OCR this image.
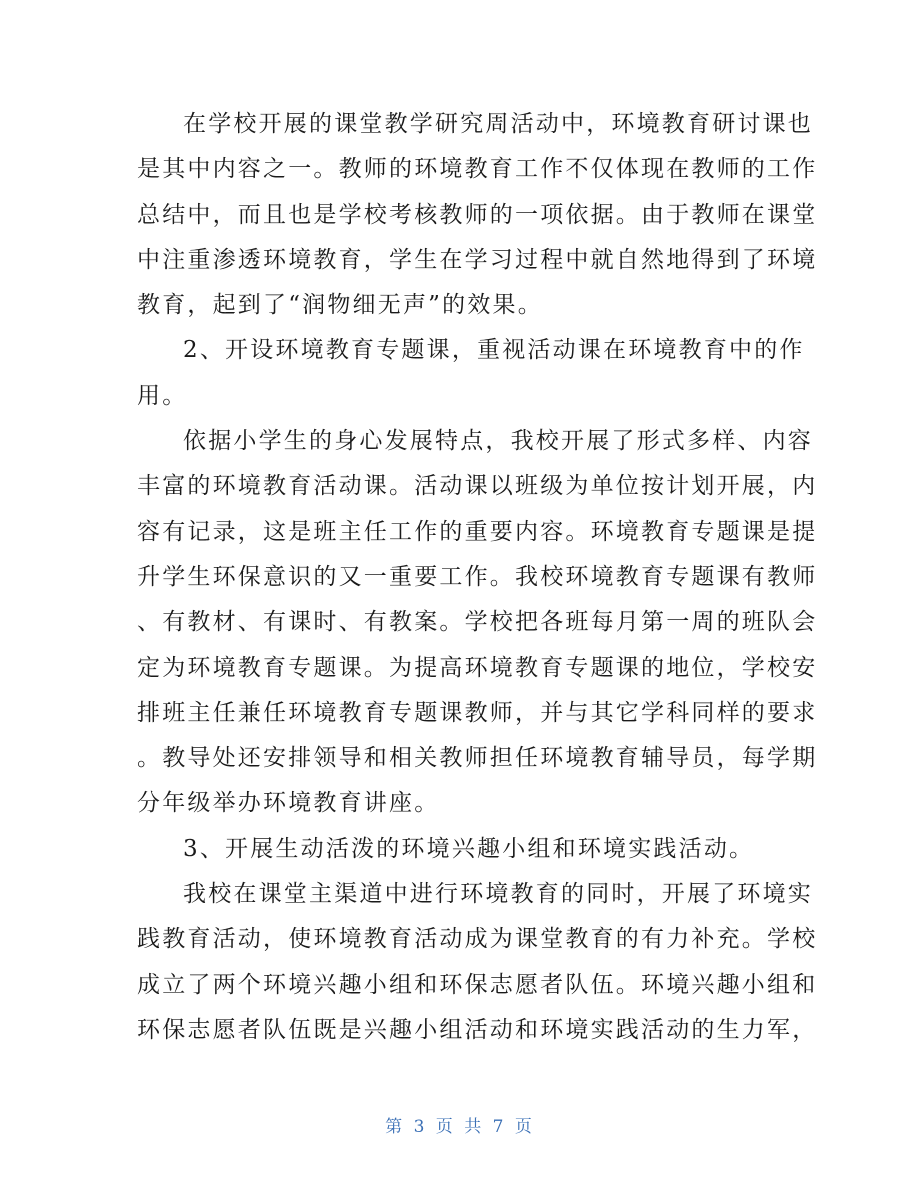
在学校开展的课堂教学研究周活动中，环境教育研讨课也
是其中内容之一。教师的环境教育工作不仅体现在教师的工作
总结中，而且也是学校考核教师的一项依据。由于教师在课堂
中注重渗透环境教育，学生在学习过程中就自然地得到了环境
教育，起到了“润物细无声”的效果。
2、开设环境教育专题课，重视活动课在环境教育中的作
用。
依据小学生的身心发展特点，我校开展了形式多样、内容
丰富的环境教育活动课。活动课以班级为单位按计划开展，内
容有记录，这是班主任工作的重要内容。环境教育专题课是提
升学生环保意识的又一重要工作。我校环境教育专题课有教师
、有教材、有课时、有教案。学校把各班每月第一周的班队会
定为环境教育专题课。为提高环境教育专题课的地位，学校安
排班主任兼任环境教育专题课教师，并与其它学科同样的要求
。教导处还安排领导和相关教师担任环境教育辅导员，每学期
分年级举办环境教育讲座。
3、开展生动活泼的环境兴趣小组和环境实践活动。
我校在课堂主渠道中进行环境教育的同时，开展了环境实
践教育活动，使环境教育活动成为课堂教育的有力补充。学校
成立了两个环境兴趣小组和环保志愿者队伍。环境兴趣小组和
环保志愿者队伍既是兴趣小组活动和环境实践活动的生力军，
第 3 页 共 7 页
